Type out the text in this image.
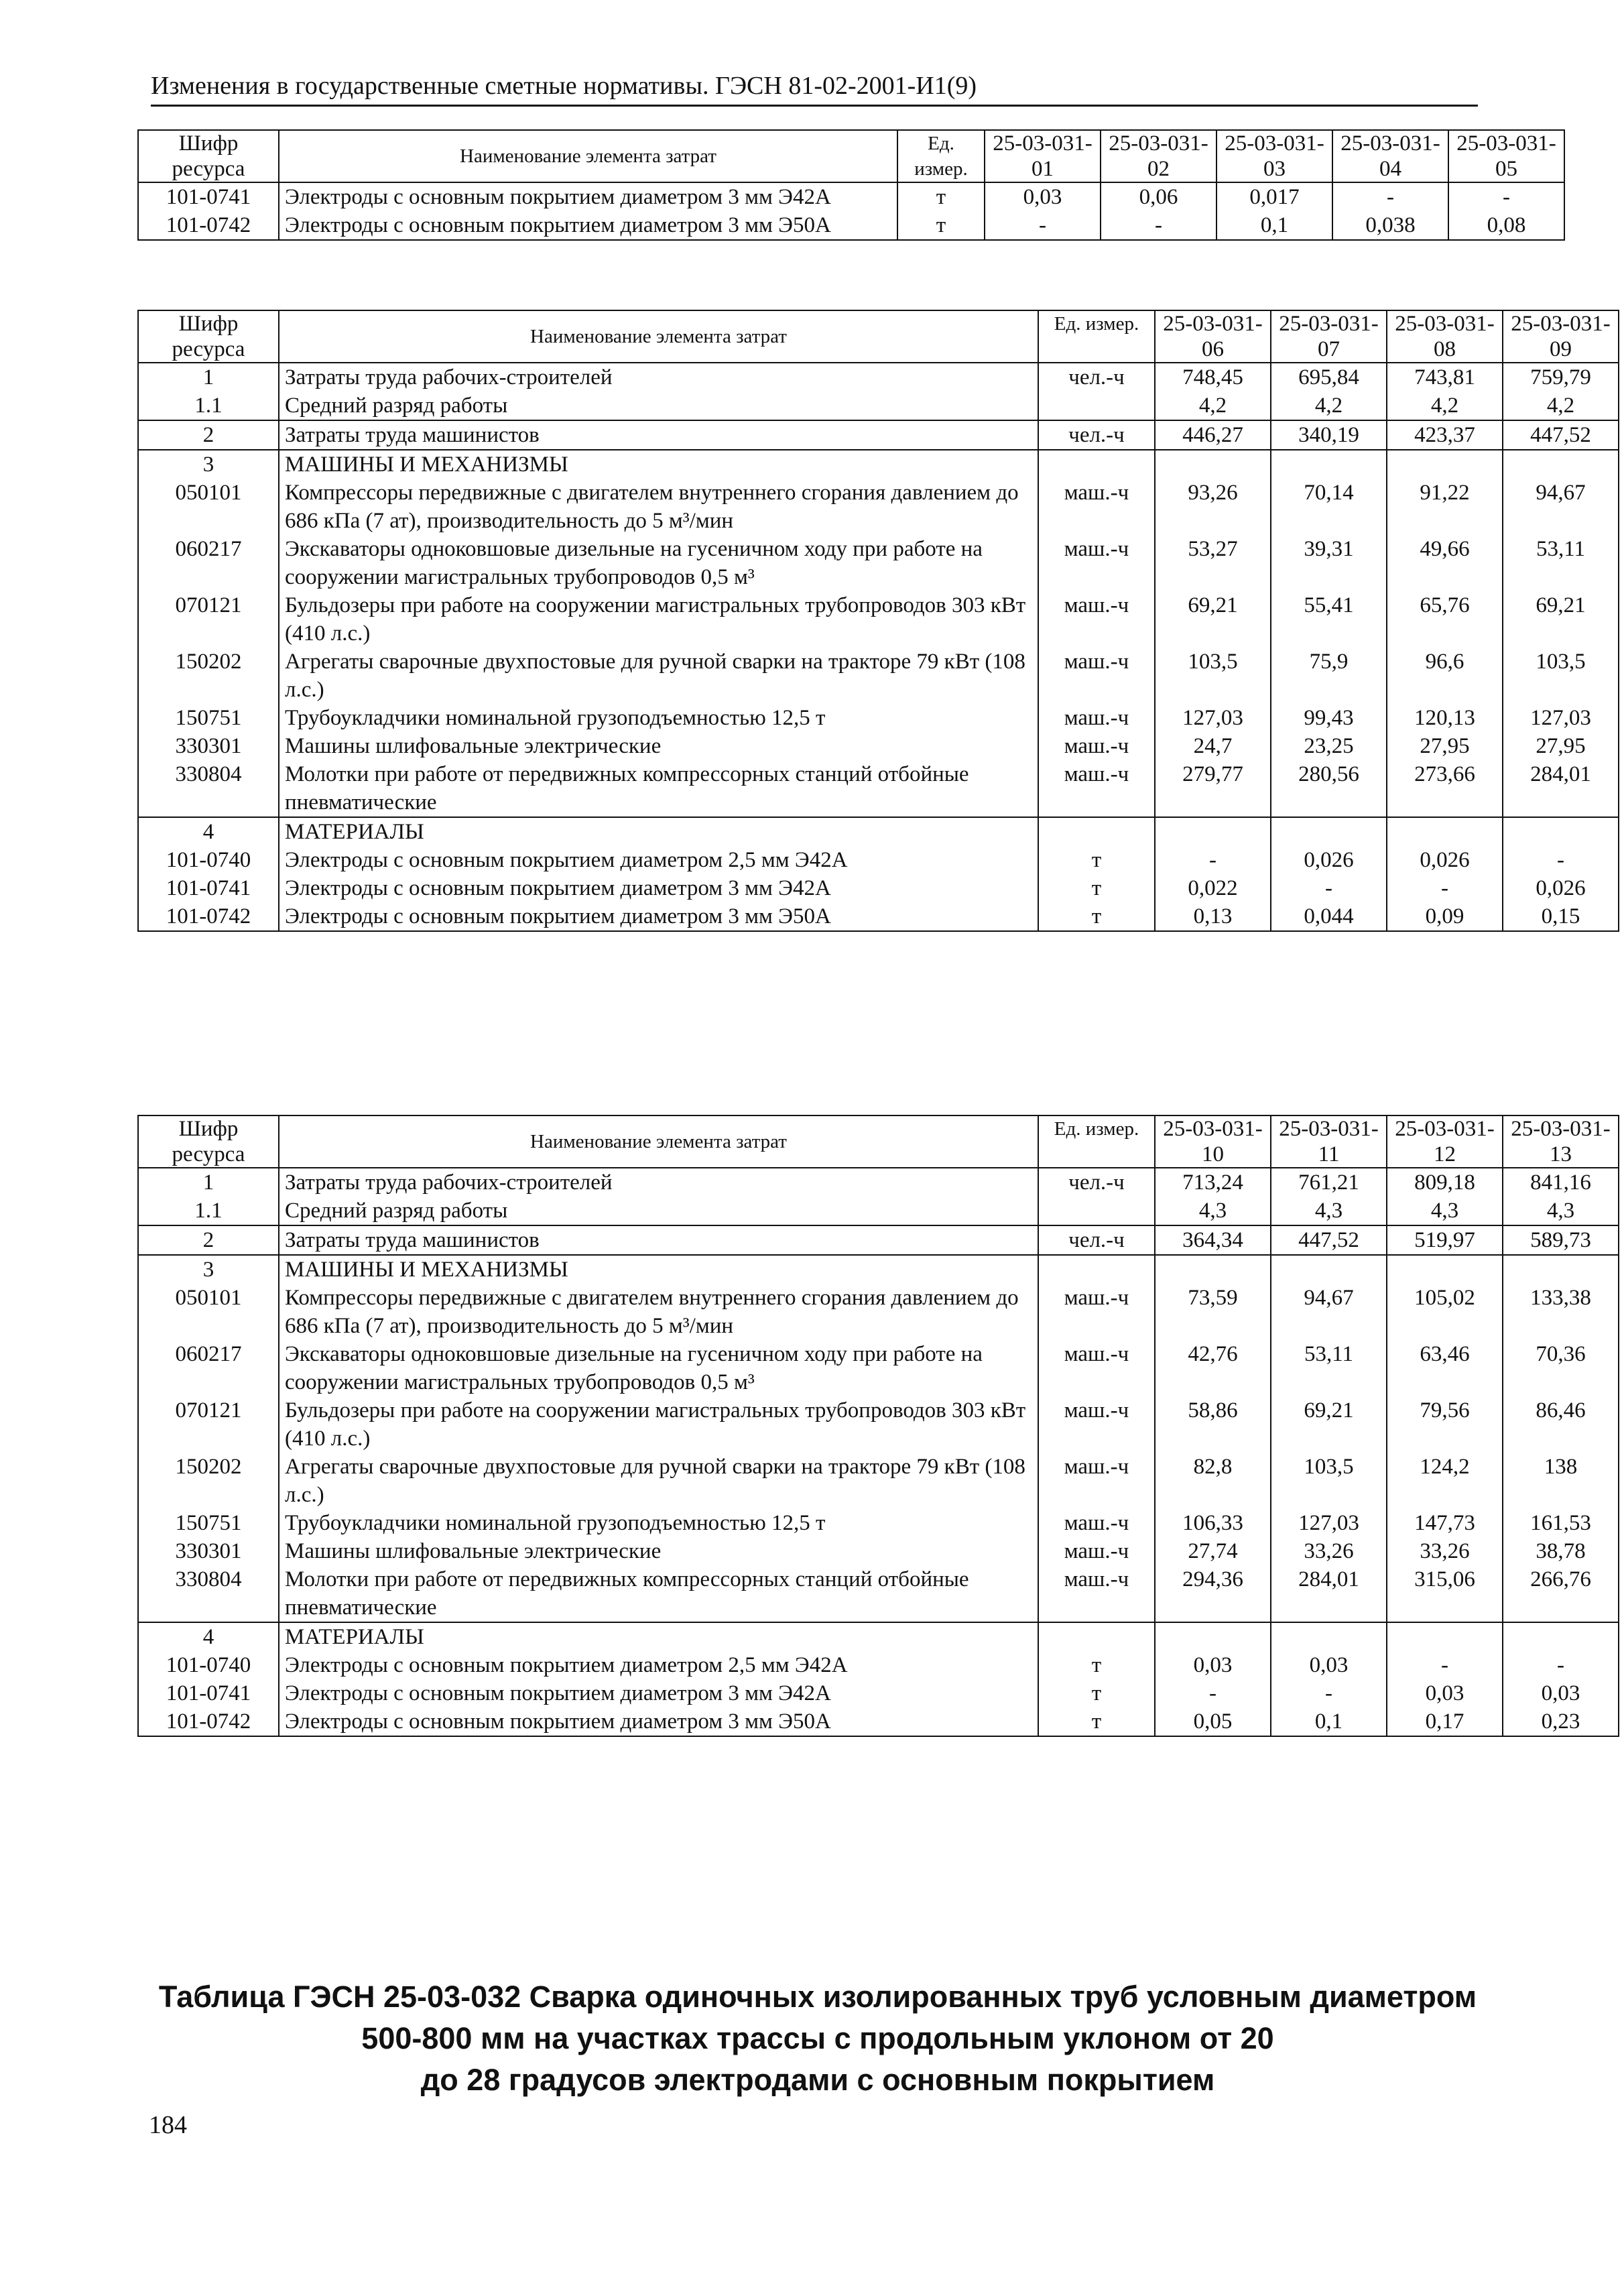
Изменения в государственные сметные нормативы. ГЭСН 81-02-2001-И1(9)
Шифр ресурса	Наименование элемента затрат	Ед. измер.	25-03-031-01	25-03-031-02	25-03-031-03	25-03-031-04	25-03-031-05
101-0741	Электроды с основным покрытием диаметром 3 мм Э42А	т	0,03	0,06	0,017	-	-
101-0742	Электроды с основным покрытием диаметром 3 мм Э50А	т	-	-	0,1	0,038	0,08
Шифр ресурса	Наименование элемента затрат	Ед. измер.	25-03-031-06	25-03-031-07	25-03-031-08	25-03-031-09
1	Затраты труда рабочих-строителей	чел.-ч	748,45	695,84	743,81	759,79
1.1	Средний разряд работы		4,2	4,2	4,2	4,2
2	Затраты труда машинистов	чел.-ч	446,27	340,19	423,37	447,52
3	МАШИНЫ И МЕХАНИЗМЫ					
050101	Компрессоры передвижные с двигателем внутреннего сгорания давлением до 686 кПа (7 ат), производительность до 5 м³/мин	маш.-ч	93,26	70,14	91,22	94,67
060217	Экскаваторы одноковшовые дизельные на гусеничном ходу при работе на сооружении магистральных трубопроводов 0,5 м³	маш.-ч	53,27	39,31	49,66	53,11
070121	Бульдозеры при работе на сооружении магистральных трубопроводов 303 кВт (410 л.с.)	маш.-ч	69,21	55,41	65,76	69,21
150202	Агрегаты сварочные двухпостовые для ручной сварки на тракторе 79 кВт (108 л.с.)	маш.-ч	103,5	75,9	96,6	103,5
150751	Трубоукладчики номинальной грузоподъемностью 12,5 т	маш.-ч	127,03	99,43	120,13	127,03
330301	Машины шлифовальные электрические	маш.-ч	24,7	23,25	27,95	27,95
330804	Молотки при работе от передвижных компрессорных станций отбойные пневматические	маш.-ч	279,77	280,56	273,66	284,01
4	МАТЕРИАЛЫ					
101-0740	Электроды с основным покрытием диаметром 2,5 мм Э42А	т	-	0,026	0,026	-
101-0741	Электроды с основным покрытием диаметром 3 мм Э42А	т	0,022	-	-	0,026
101-0742	Электроды с основным покрытием диаметром 3 мм Э50А	т	0,13	0,044	0,09	0,15
Шифр ресурса	Наименование элемента затрат	Ед. измер.	25-03-031-10	25-03-031-11	25-03-031-12	25-03-031-13
1	Затраты труда рабочих-строителей	чел.-ч	713,24	761,21	809,18	841,16
1.1	Средний разряд работы		4,3	4,3	4,3	4,3
2	Затраты труда машинистов	чел.-ч	364,34	447,52	519,97	589,73
3	МАШИНЫ И МЕХАНИЗМЫ					
050101	Компрессоры передвижные с двигателем внутреннего сгорания давлением до 686 кПа (7 ат), производительность до 5 м³/мин	маш.-ч	73,59	94,67	105,02	133,38
060217	Экскаваторы одноковшовые дизельные на гусеничном ходу при работе на сооружении магистральных трубопроводов 0,5 м³	маш.-ч	42,76	53,11	63,46	70,36
070121	Бульдозеры при работе на сооружении магистральных трубопроводов 303 кВт (410 л.с.)	маш.-ч	58,86	69,21	79,56	86,46
150202	Агрегаты сварочные двухпостовые для ручной сварки на тракторе 79 кВт (108 л.с.)	маш.-ч	82,8	103,5	124,2	138
150751	Трубоукладчики номинальной грузоподъемностью 12,5 т	маш.-ч	106,33	127,03	147,73	161,53
330301	Машины шлифовальные электрические	маш.-ч	27,74	33,26	33,26	38,78
330804	Молотки при работе от передвижных компрессорных станций отбойные пневматические	маш.-ч	294,36	284,01	315,06	266,76
4	МАТЕРИАЛЫ					
101-0740	Электроды с основным покрытием диаметром 2,5 мм Э42А	т	0,03	0,03	-	-
101-0741	Электроды с основным покрытием диаметром 3 мм Э42А	т	-	-	0,03	0,03
101-0742	Электроды с основным покрытием диаметром 3 мм Э50А	т	0,05	0,1	0,17	0,23
Таблица ГЭСН 25-03-032 Сварка одиночных изолированных труб условным диаметром
500-800 мм на участках трассы с продольным уклоном от 20
до 28 градусов электродами с основным покрытием
184
